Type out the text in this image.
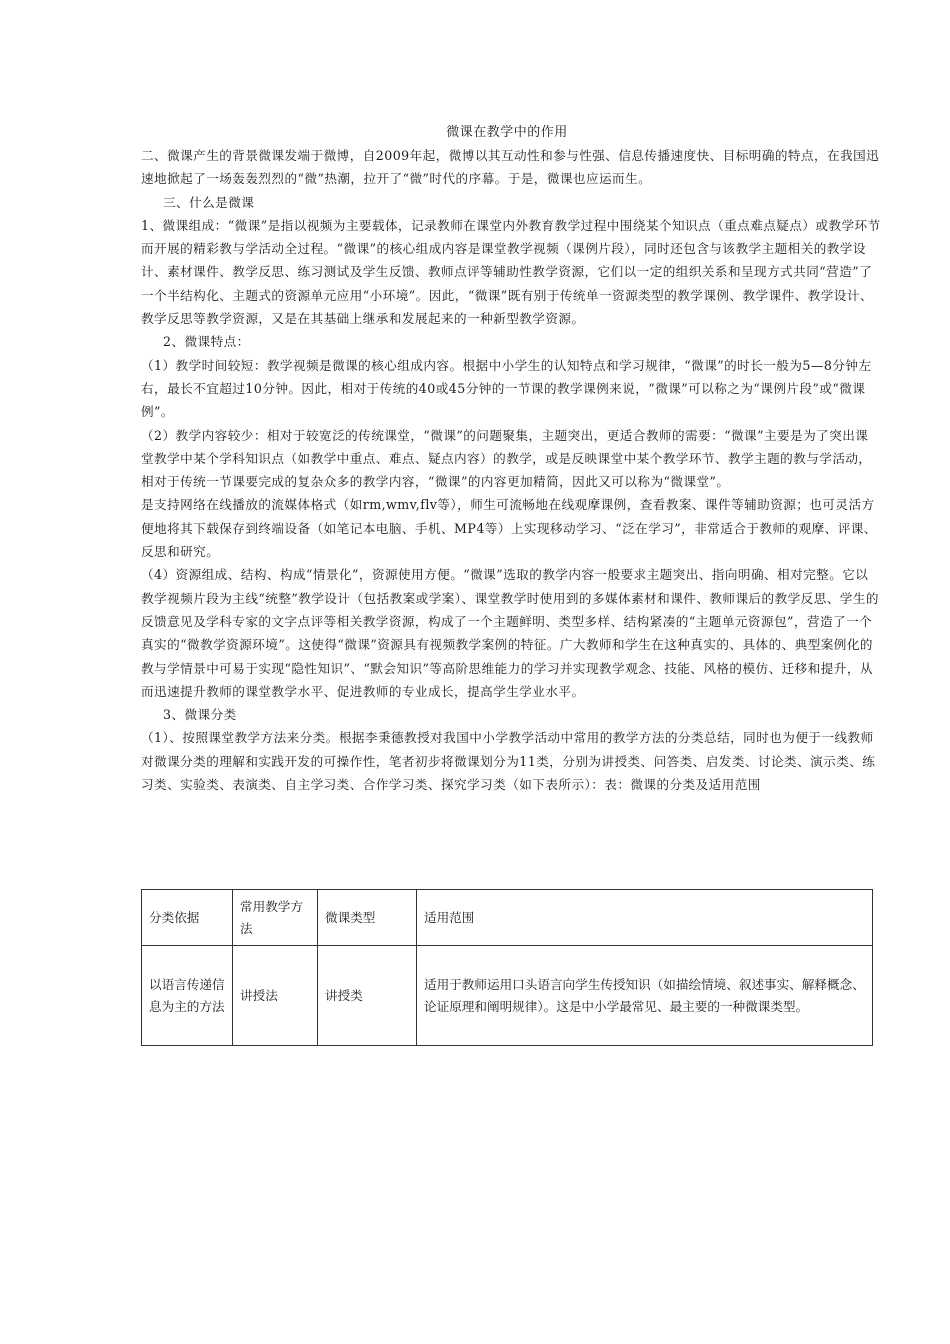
微课在教学中的作用

二、微课产生的背景微课发端于微博，自2009年起，微博以其互动性和参与性强、信息传播速度快、目标明确的特点，在我国迅速地掀起了一场轰轰烈烈的“微”热潮，拉开了“微”时代的序幕。于是，微课也应运而生。

三、什么是微课

1、微课组成：“微课”是指以视频为主要载体，记录教师在课堂内外教育教学过程中围绕某个知识点（重点难点疑点）或教学环节而开展的精彩教与学活动全过程。“微课”的核心组成内容是课堂教学视频（课例片段），同时还包含与该教学主题相关的教学设计、素材课件、教学反思、练习测试及学生反馈、教师点评等辅助性教学资源，它们以一定的组织关系和呈现方式共同“营造”了一个半结构化、主题式的资源单元应用“小环境”。因此，“微课”既有别于传统单一资源类型的教学课例、教学课件、教学设计、教学反思等教学资源，又是在其基础上继承和发展起来的一种新型教学资源。

2、微课特点：

（1）教学时间较短：教学视频是微课的核心组成内容。根据中小学生的认知特点和学习规律，“微课”的时长一般为5—8分钟左右，最长不宜超过10分钟。因此，相对于传统的40或45分钟的一节课的教学课例来说，“微课”可以称之为“课例片段”或“微课例”。

（2）教学内容较少：相对于较宽泛的传统课堂，“微课”的问题聚集，主题突出，更适合教师的需要：“微课”主要是为了突出课堂教学中某个学科知识点（如教学中重点、难点、疑点内容）的教学，或是反映课堂中某个教学环节、教学主题的教与学活动，相对于传统一节课要完成的复杂众多的教学内容，“微课”的内容更加精简，因此又可以称为“微课堂”。

是支持网络在线播放的流媒体格式（如rm,wmv,flv等），师生可流畅地在线观摩课例，查看教案、课件等辅助资源；也可灵活方便地将其下载保存到终端设备（如笔记本电脑、手机、MP4等）上实现移动学习、“泛在学习”，非常适合于教师的观摩、评课、反思和研究。

（4）资源组成、结构、构成“情景化”，资源使用方便。“微课”选取的教学内容一般要求主题突出、指向明确、相对完整。它以教学视频片段为主线“统整”教学设计（包括教案或学案）、课堂教学时使用到的多媒体素材和课件、教师课后的教学反思、学生的反馈意见及学科专家的文字点评等相关教学资源，构成了一个主题鲜明、类型多样、结构紧凑的“主题单元资源包”，营造了一个真实的“微教学资源环境”。这使得“微课”资源具有视频教学案例的特征。广大教师和学生在这种真实的、具体的、典型案例化的教与学情景中可易于实现“隐性知识”、“默会知识”等高阶思维能力的学习并实现教学观念、技能、风格的模仿、迁移和提升，从而迅速提升教师的课堂教学水平、促进教师的专业成长，提高学生学业水平。

3、微课分类

（1）、按照课堂教学方法来分类。根据李秉德教授对我国中小学教学活动中常用的教学方法的分类总结，同时也为便于一线教师对微课分类的理解和实践开发的可操作性，笔者初步将微课划分为11类，分别为讲授类、问答类、启发类、讨论类、演示类、练习类、实验类、表演类、自主学习类、合作学习类、探究学习类（如下表所示）：表：微课的分类及适用范围

分类依据	常用教学方法	微课类型	适用范围
以语言传递信息为主的方法	讲授法	讲授类	适用于教师运用口头语言向学生传授知识（如描绘情境、叙述事实、解释概念、论证原理和阐明规律）。这是中小学最常见、最主要的一种微课类型。
